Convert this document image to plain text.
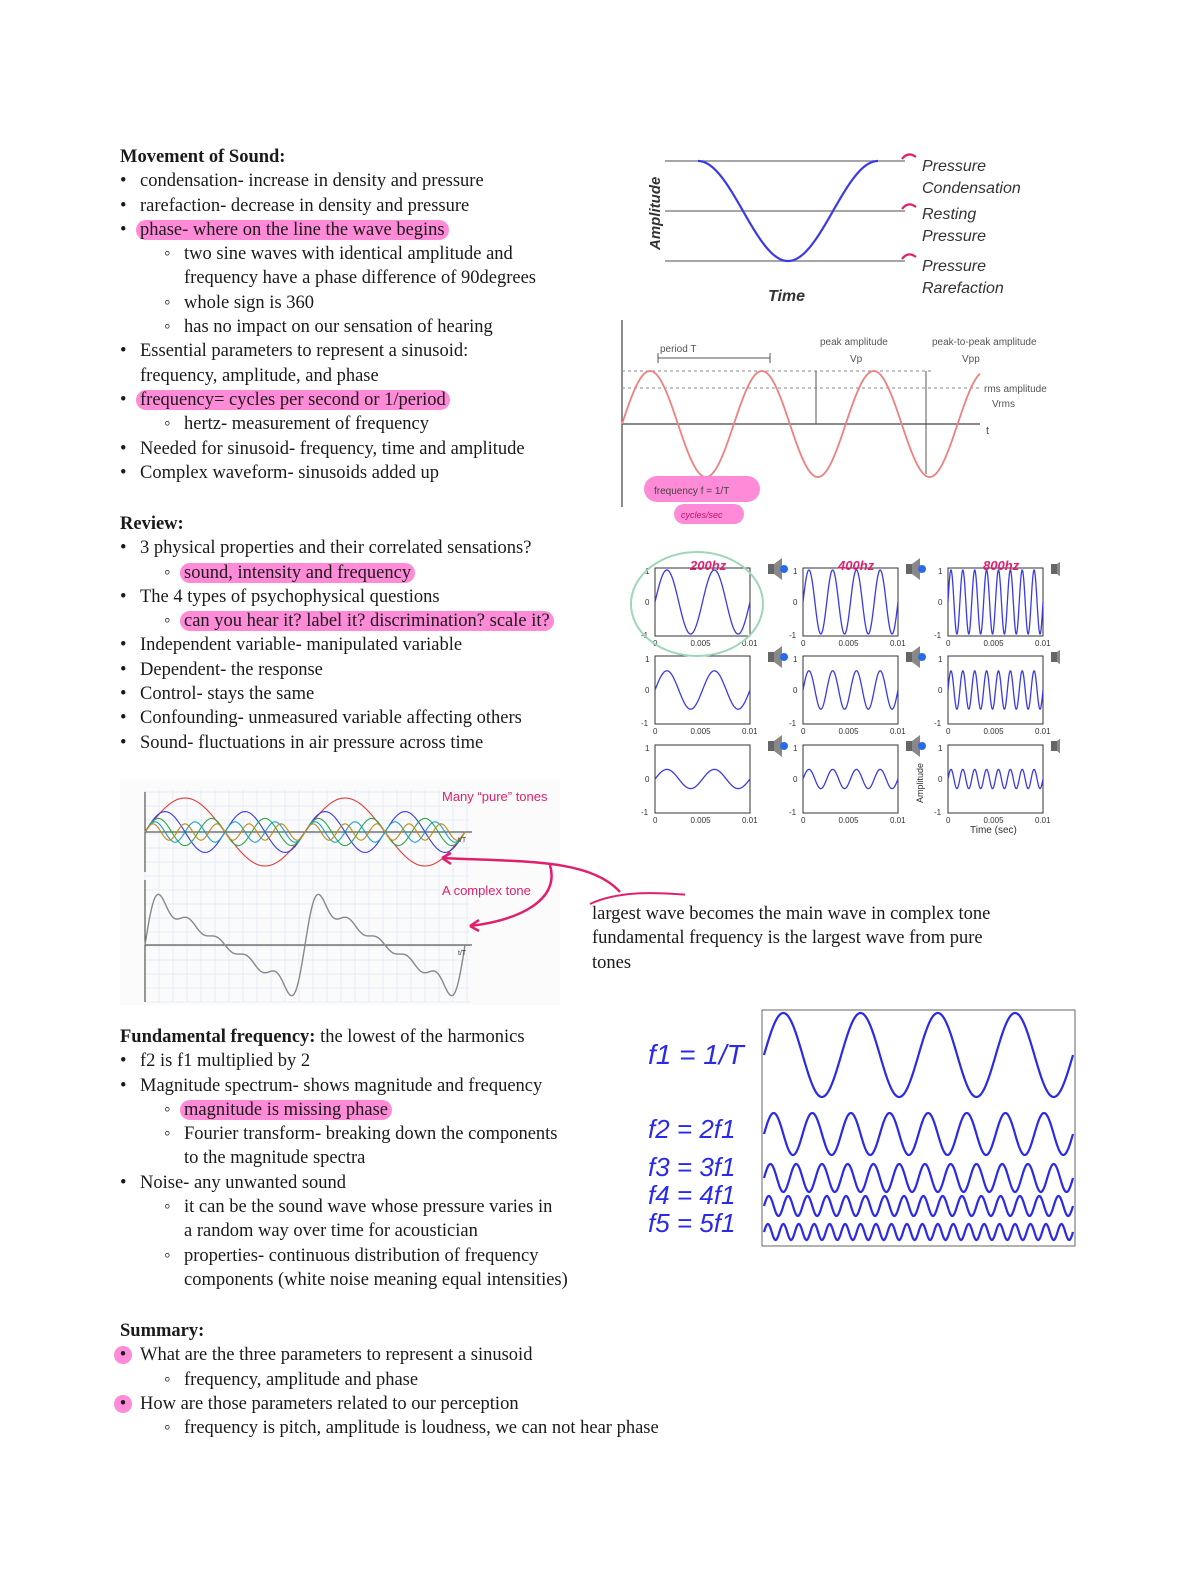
Movement of Sound:
• condensation- increase in density and pressure
• rarefaction- decrease in density and pressure
• phase- where on the line the wave begins
◦ two sine waves with identical amplitude and
frequency have a phase difference of 90degrees
◦ whole sign is 360
◦ has no impact on our sensation of hearing
• Essential parameters to represent a sinusoid:
frequency, amplitude, and phase
• frequency= cycles per second or 1/period
◦ hertz- measurement of frequency
• Needed for sinusoid- frequency, time and amplitude
• Complex waveform- sinusoids added up
Review:
• 3 physical properties and their correlated sensations?
◦ sound, intensity and frequency
• The 4 types of psychophysical questions
◦ can you hear it? label it? discrimination? scale it?
• Independent variable- manipulated variable
• Dependent- the response
• Control- stays the same
• Confounding- unmeasured variable affecting others
• Sound- fluctuations in air pressure across time
Fundamental frequency: the lowest of the harmonics
• f2 is f1 multiplied by 2
• Magnitude spectrum- shows magnitude and frequency
◦ magnitude is missing phase
◦ Fourier transform- breaking down the components
to the magnitude spectra
• Noise- any unwanted sound
◦ it can be the sound wave whose pressure varies in
a random way over time for acoustician
◦ properties- continuous distribution of frequency
components (white noise meaning equal intensities)
Summary:
• What are the three parameters to represent a sinusoid
◦ frequency, amplitude and phase
• How are those parameters related to our perception
◦ frequency is pitch, amplitude is loudness, we can not hear phase
largest wave becomes the main wave in complex tone
fundamental frequency is the largest wave from pure
tones
Amplitude
Time
Pressure
Condensation
Resting
Pressure
Pressure
Rarefaction
period T
peak amplitude
Vp
peak-to-peak amplitude
Vpp
rms amplitude
Vrms
t
frequency f = 1/T
cycles/sec
1
0
-1
0	0.005	0.01
1
0
-1
0	0.005	0.01
1
0
-1
0	0.005	0.01
1
0
-1
0	0.005	0.01
1
0
-1
0	0.005	0.01
1
0
-1
0	0.005	0.01
1
0
-1
0	0.005	0.01
1
0
-1
0	0.005	0.01
1
0
-1
0	0.005	0.01
200hz	400hz	800hz
Amplitude
Time (sec)
Many “pure” tones
A complex tone
t/T
t/T
f1 = 1/T
f2 = 2f1
f3 = 3f1
f4 = 4f1
f5 = 5f1
